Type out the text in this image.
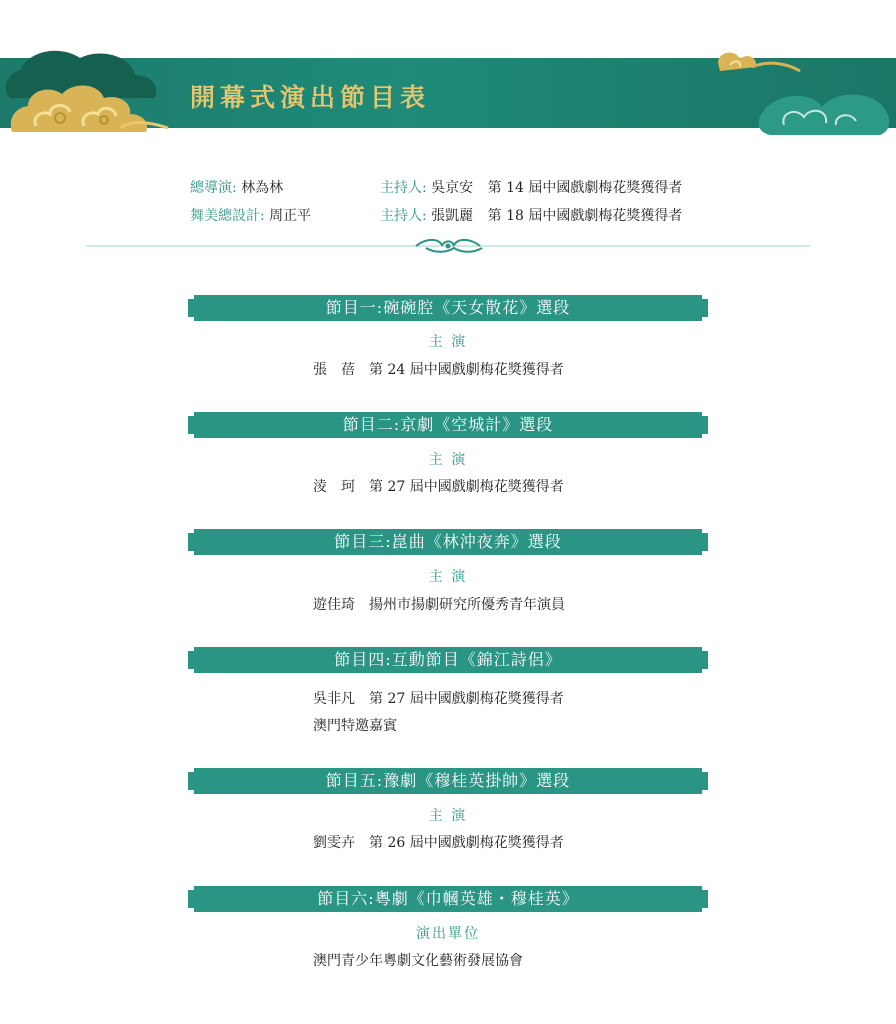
開幕式演出節目表
總導演: 林為林
舞美總設計: 周正平
主持人: 吳京安 第 14 屆中國戲劇梅花獎獲得者
主持人: 張凱麗 第 18 屆中國戲劇梅花獎獲得者
節目一:碗碗腔《天女散花》選段
主 演
張　蓓　第 24 屆中國戲劇梅花獎獲得者
節目二:京劇《空城計》選段
主 演
淩　珂　第 27 屆中國戲劇梅花獎獲得者
節目三:崑曲《林沖夜奔》選段
主 演
遊佳琦　揚州市揚劇研究所優秀青年演員
節目四:互動節目《錦江詩侶》
吳非凡　第 27 屆中國戲劇梅花獎獲得者
澳門特邀嘉賓
節目五:豫劇《穆桂英掛帥》選段
主 演
劉雯卉　第 26 屆中國戲劇梅花獎獲得者
節目六:粵劇《巾幗英雄・穆桂英》
演出單位
澳門青少年粵劇文化藝術發展協會
